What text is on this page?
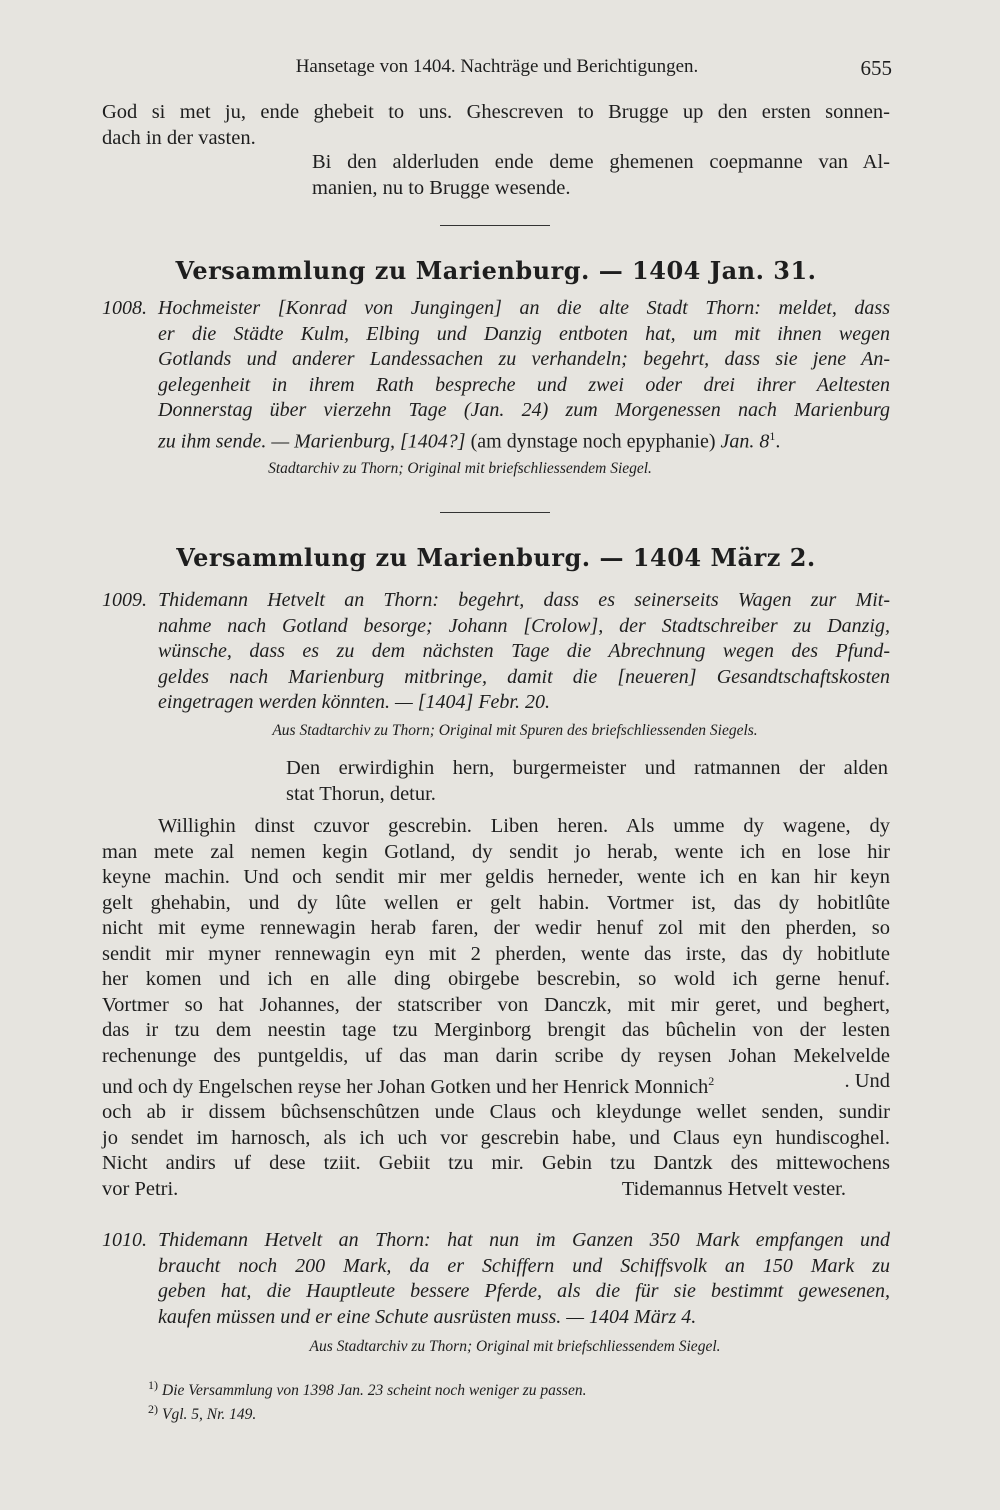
Hansetage von 1404. Nachträge und Berichtigungen.	655
God si met ju, ende ghebeit to uns. Ghescreven to Brugge up den ersten sonnen-
dach in der vasten.
Bi den alderluden ende deme ghemenen coepmanne van Al-
manien, nu to Brugge wesende.
Versammlung zu Marienburg. — 1404 Jan. 31.
1008. Hochmeister [Konrad von Jungingen] an die alte Stadt Thorn: meldet, dass
er die Städte Kulm, Elbing und Danzig entboten hat, um mit ihnen wegen
Gotlands und anderer Landessachen zu verhandeln; begehrt, dass sie jene An-
gelegenheit in ihrem Rath bespreche und zwei oder drei ihrer Aeltesten
Donnerstag über vierzehn Tage (Jan. 24) zum Morgenessen nach Marienburg
zu ihm sende. — Marienburg, [1404?] (am dynstage noch epyphanie) Jan. $8^1$.
Stadtarchiv zu Thorn; Original mit briefschliessendem Siegel.
Versammlung zu Marienburg. — 1404 März 2.
1009. Thidemann Hetvelt an Thorn: begehrt, dass es seinerseits Wagen zur Mit-
nahme nach Gotland besorge; Johann [Crolow], der Stadtschreiber zu Danzig,
wünsche, dass es zu dem nächsten Tage die Abrechnung wegen des Pfund-
geldes nach Marienburg mitbringe, damit die [neueren] Gesandtschaftskosten
eingetragen werden könnten. — [1404] Febr. 20.
Aus Stadtarchiv zu Thorn; Original mit Spuren des briefschliessenden Siegels.
Den erwirdighin hern, burgermeister und ratmannen der alden
stat Thorun, detur.
Willighin dinst czuvor gescrebin. Liben heren. Als umme dy wagene, dy
man mete zal nemen kegin Gotland, dy sendit jo herab, wente ich en lose hir
keyne machin. Und och sendit mir mer geldis herneder, wente ich en kan hir keyn
gelt ghehabin, und dy lûte wellen er gelt habin. Vortmer ist, das dy hobitlûte
nicht mit eyme rennewagin herab faren, der wedir henuf zol mit den pherden, so
sendit mir myner rennewagin eyn mit 2 pherden, wente das irste, das dy hobitlute
her komen und ich en alle ding obirgebe bescrebin, so wold ich gerne henuf.
Vortmer so hat Johannes, der statscriber von Danczk, mit mir geret, und beghert,
das ir tzu dem neestin tage tzu Merginborg brengit das bûchelin von der lesten
rechenunge des puntgeldis, uf das man darin scribe dy reysen Johan Mekelvelde
und och dy Engelschen reyse her Johan Gotken und her Henrick Monnich$^2$	. Und
och ab ir dissem bûchsenschûtzen unde Claus och kleydunge wellet senden, sundir
jo sendet im harnosch, als ich uch vor gescrebin habe, und Claus eyn hundiscoghel.
Nicht andirs uf dese tziit. Gebiit tzu mir. Gebin tzu Dantzk des mittewochens
vor Petri.	Tidemannus Hetvelt vester.
1010. Thidemann Hetvelt an Thorn: hat nun im Ganzen 350 Mark empfangen und
braucht noch 200 Mark, da er Schiffern und Schiffsvolk an 150 Mark zu
geben hat, die Hauptleute bessere Pferde, als die für sie bestimmt gewesenen,
kaufen müssen und er eine Schute ausrüsten muss. — 1404 März 4.
Aus Stadtarchiv zu Thorn; Original mit briefschliessendem Siegel.
$^{1)}$ Die Versammlung von 1398 Jan. 23 scheint noch weniger zu passen.
$^{2)}$ Vgl. 5, Nr. 149.
